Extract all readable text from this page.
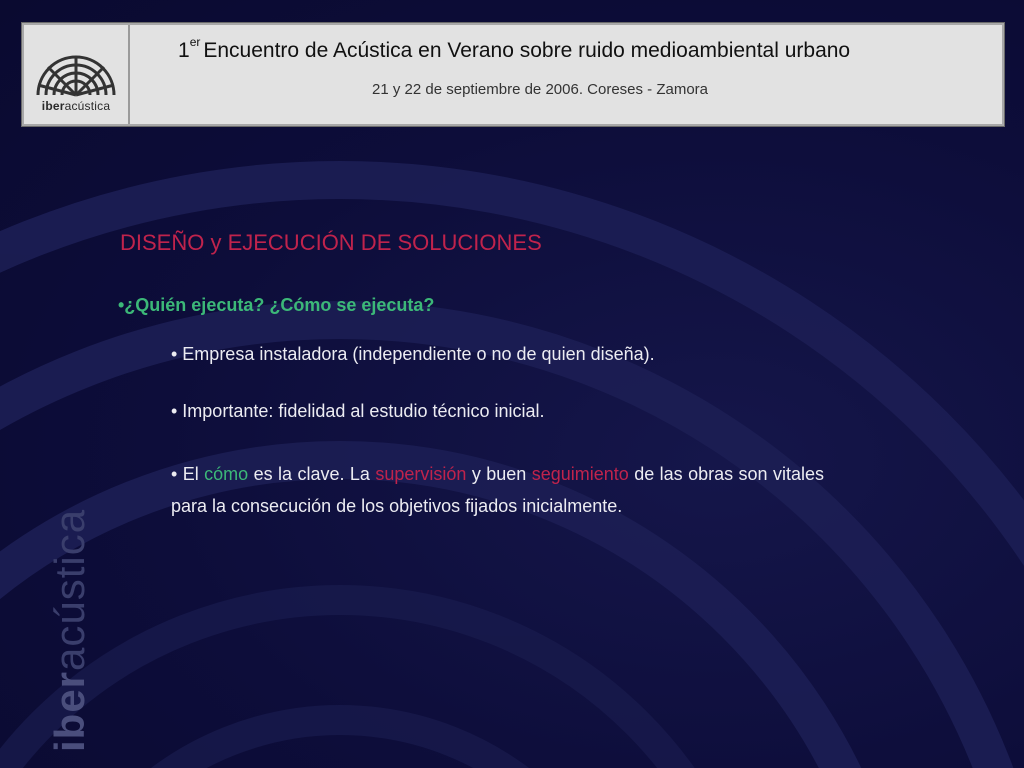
iberacústica
1er Encuentro de Acústica en Verano sobre ruido medioambiental urbano
21 y 22 de septiembre de 2006. Coreses - Zamora
iberacústica
DISEÑO y EJECUCIÓN DE SOLUCIONES
•¿Quién ejecuta? ¿Cómo se ejecuta?
• Empresa instaladora (independiente o no de quien diseña).
• Importante: fidelidad al estudio técnico inicial.
• El cómo es la clave. La supervisión y buen seguimiento de las obras son vitales para la consecución de los objetivos fijados inicialmente.
